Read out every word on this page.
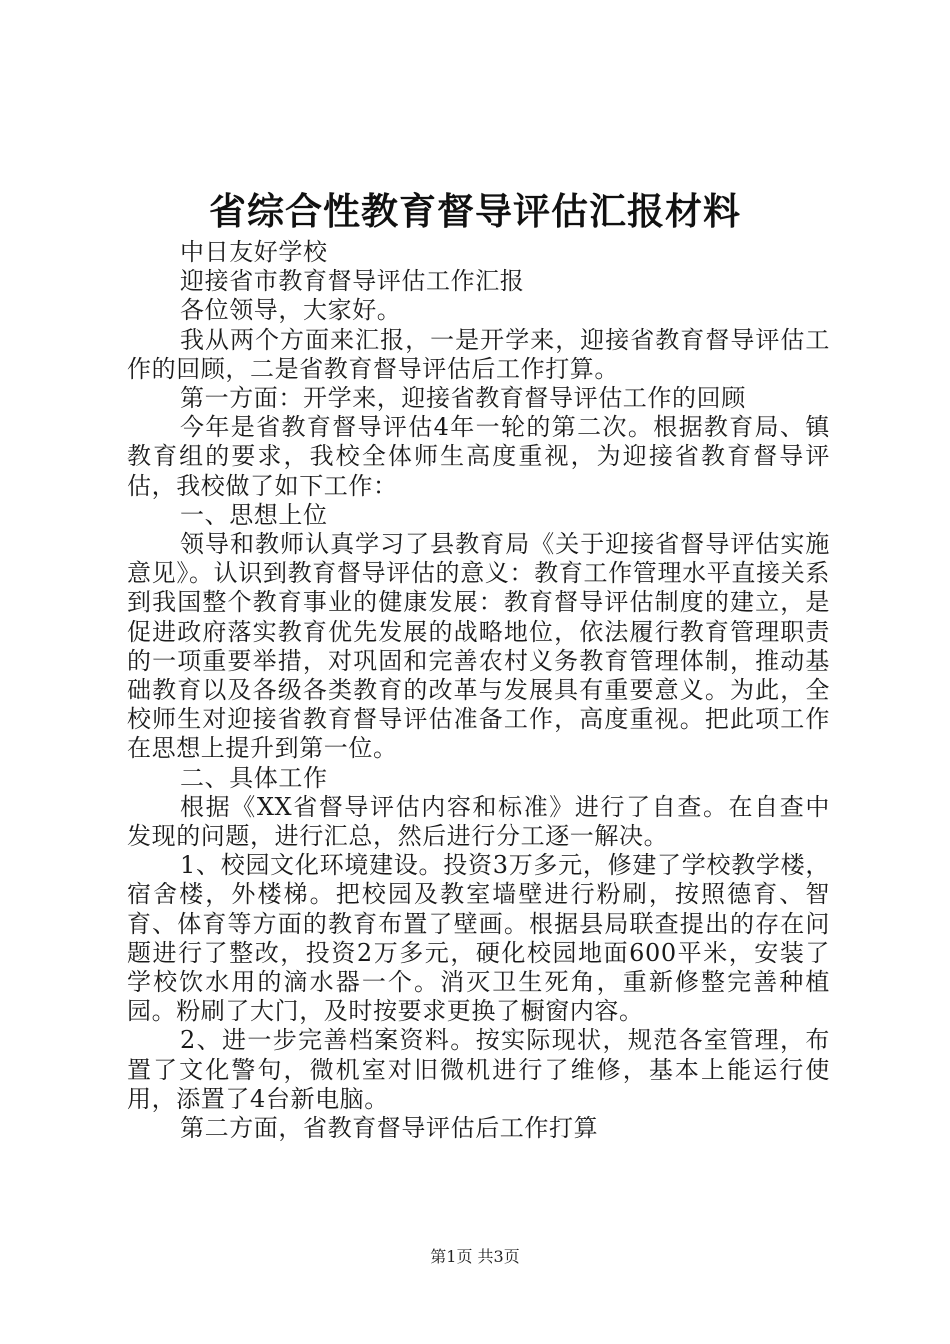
省综合性教育督导评估汇报材料

中日友好学校

迎接省市教育督导评估工作汇报

各位领导，大家好。

我从两个方面来汇报，一是开学来，迎接省教育督导评估工作的回顾，二是省教育督导评估后工作打算。

第一方面：开学来，迎接省教育督导评估工作的回顾

今年是省教育督导评估4年一轮的第二次。根据教育局、镇教育组的要求，我校全体师生高度重视，为迎接省教育督导评估，我校做了如下工作：

一、思想上位

领导和教师认真学习了县教育局《关于迎接省督导评估实施意见》。认识到教育督导评估的意义：教育工作管理水平直接关系到我国整个教育事业的健康发展：教育督导评估制度的建立，是促进政府落实教育优先发展的战略地位，依法履行教育管理职责的一项重要举措，对巩固和完善农村义务教育管理体制，推动基础教育以及各级各类教育的改革与发展具有重要意义。为此，全校师生对迎接省教育督导评估准备工作，高度重视。把此项工作在思想上提升到第一位。

二、具体工作

根据《XX省督导评估内容和标准》进行了自查。在自查中发现的问题，进行汇总，然后进行分工逐一解决。

1、校园文化环境建设。投资3万多元，修建了学校教学楼，宿舍楼，外楼梯。把校园及教室墙壁进行粉刷，按照德育、智育、体育等方面的教育布置了壁画。根据县局联查提出的存在问题进行了整改，投资2万多元，硬化校园地面600平米，安装了学校饮水用的滴水器一个。消灭卫生死角，重新修整完善种植园。粉刷了大门，及时按要求更换了橱窗内容。

2、进一步完善档案资料。按实际现状，规范各室管理，布置了文化警句，微机室对旧微机进行了维修，基本上能运行使用，添置了4台新电脑。

第二方面，省教育督导评估后工作打算

第1页 共3页
